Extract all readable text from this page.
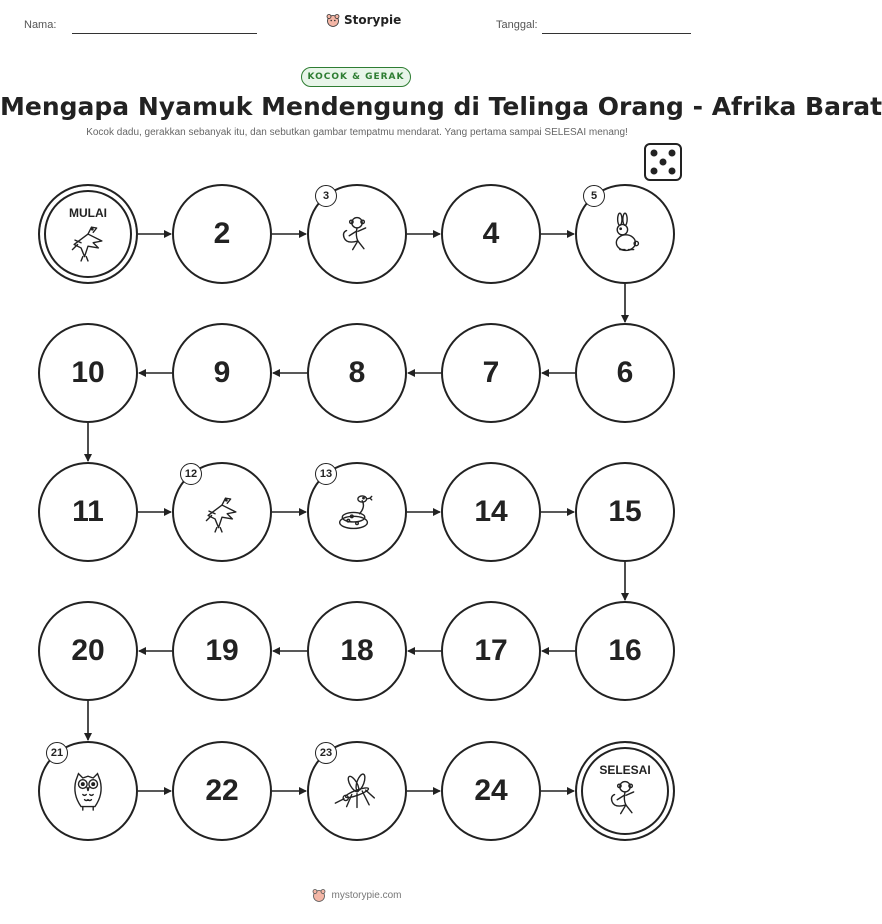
Nama:	Storypie	Tanggal:
KOCOK & GERAK
Mengapa Nyamuk Mendengung di Telinga Orang - Afrika Barat
Kocok dadu, gerakkan sebanyak itu, dan sebutkan gambar tempatmu mendarat. Yang pertama sampai SELESAI menang!
MULAI
2
3
4
5
6
7
8
9
10
11
12	13
14	15
16
17
18
19
20
21
22
23
24
SELESAI
mystorypie.com
